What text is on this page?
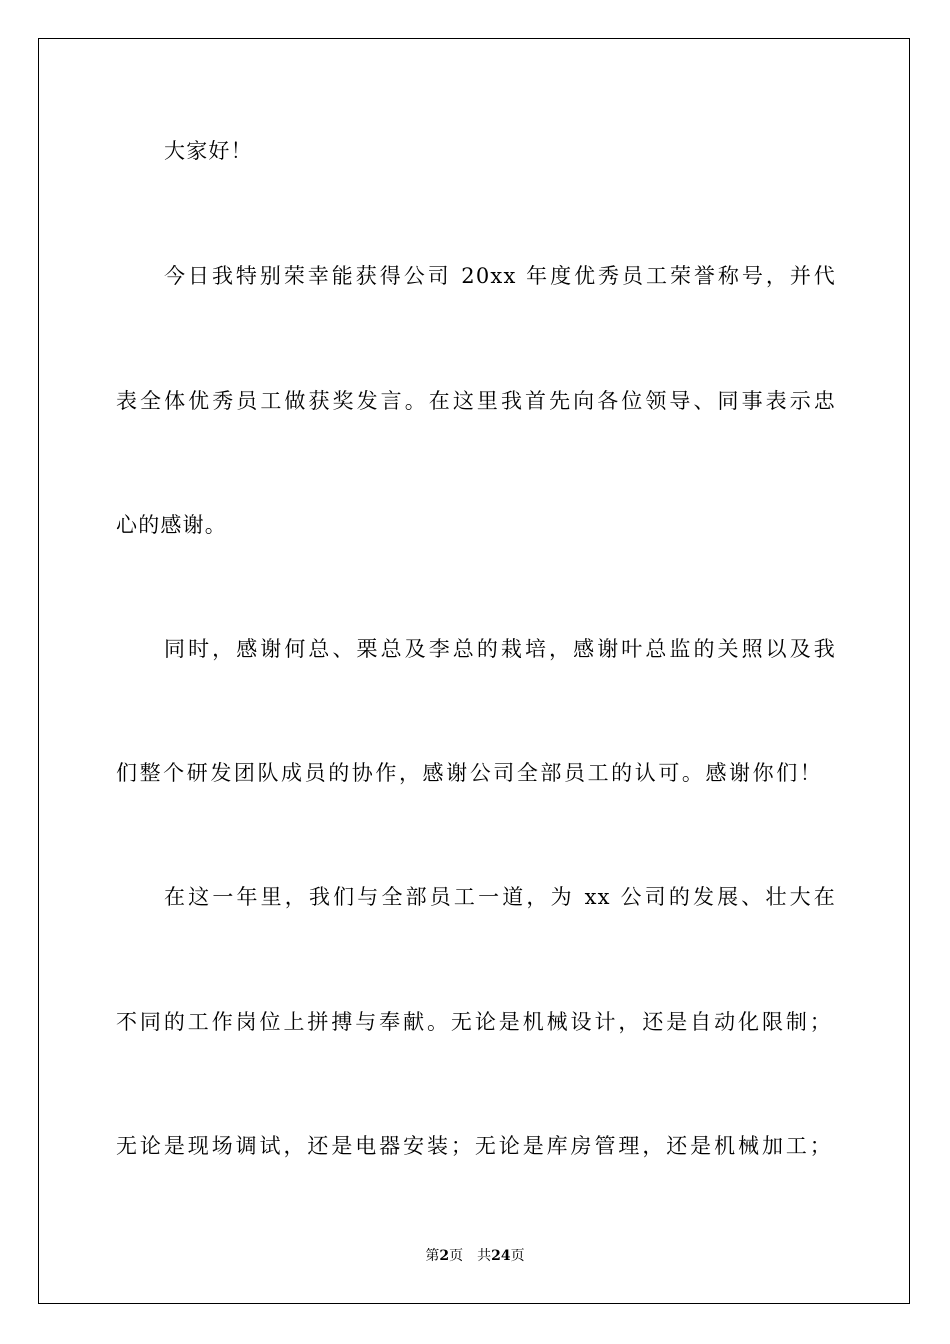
大家好！
今日我特别荣幸能获得公司 20xx 年度优秀员工荣誉称号，并代
表全体优秀员工做获奖发言。在这里我首先向各位领导、同事表示忠
心的感谢。
同时，感谢何总、栗总及李总的栽培，感谢叶总监的关照以及我
们整个研发团队成员的协作，感谢公司全部员工的认可。感谢你们！
在这一年里，我们与全部员工一道，为 xx 公司的发展、壮大在
不同的工作岗位上拼搏与奉献。无论是机械设计，还是自动化限制；
无论是现场调试，还是电器安装；无论是库房管理，还是机械加工；
第2页　共24页
